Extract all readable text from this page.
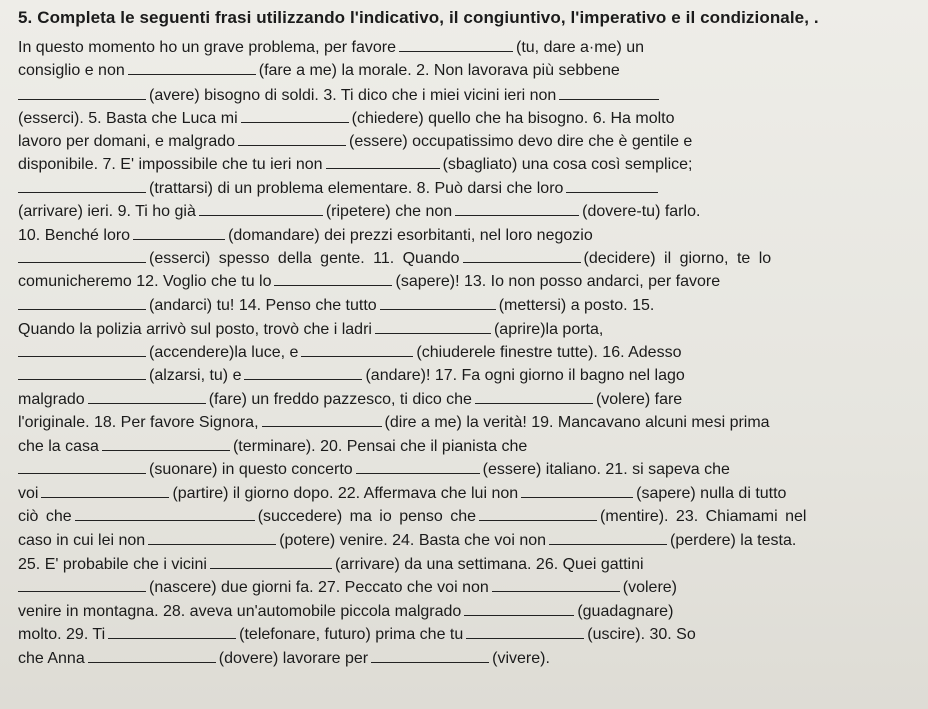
5. Completa le seguenti frasi utilizzando l'indicativo, il congiuntivo, l'imperativo e il condizionale, .
In questo momento ho un grave problema, per favore	(tu, dare a·me) un
consiglio e non	(fare a me) la morale. 2. Non lavorava più sebbene
(avere) bisogno di soldi. 3. Ti dico che i miei vicini ieri non
(esserci). 5. Basta che Luca mi	(chiedere) quello che ha bisogno. 6. Ha molto
lavoro per domani, e malgrado	(essere) occupatissimo devo dire che è gentile e
disponibile. 7. E' impossibile che tu ieri non	(sbagliato) una cosa così semplice;
(trattarsi) di un problema elementare. 8. Può darsi che loro
(arrivare) ieri. 9. Ti ho già	(ripetere) che non	(dovere-tu) farlo.
10. Benché loro	(domandare) dei prezzi esorbitanti, nel loro negozio
(esserci) spesso della gente. 11. Quando	(decidere) il giorno, te lo
comunicheremo 12. Voglio che tu lo	(sapere)! 13. Io non posso andarci, per favore
(andarci) tu! 14. Penso che tutto	(mettersi) a posto. 15.
Quando la polizia arrivò sul posto, trovò che i ladri	(aprire)la porta,
(accendere)la luce, e	(chiuderele finestre tutte). 16. Adesso
(alzarsi, tu) e	(andare)! 17. Fa ogni giorno il bagno nel lago
malgrado	(fare) un freddo pazzesco, ti dico che	(volere) fare
l'originale. 18. Per favore Signora,	(dire a me) la verità! 19. Mancavano alcuni mesi prima
che la casa	(terminare). 20. Pensai che il pianista che
(suonare) in questo concerto	(essere) italiano. 21. si sapeva che
voi	(partire) il giorno dopo. 22. Affermava che lui non	(sapere) nulla di tutto
ciò che	(succedere) ma io penso che	(mentire). 23. Chiamami nel
caso in cui lei non	(potere) venire. 24. Basta che voi non	(perdere) la testa.
25. E' probabile che i vicini	(arrivare) da una settimana. 26. Quei gattini
(nascere) due giorni fa. 27. Peccato che voi non	(volere)
venire in montagna. 28. aveva un'automobile piccola malgrado	(guadagnare)
molto. 29. Ti	(telefonare, futuro) prima che tu	(uscire). 30. So
che Anna	(dovere) lavorare per	(vivere).
